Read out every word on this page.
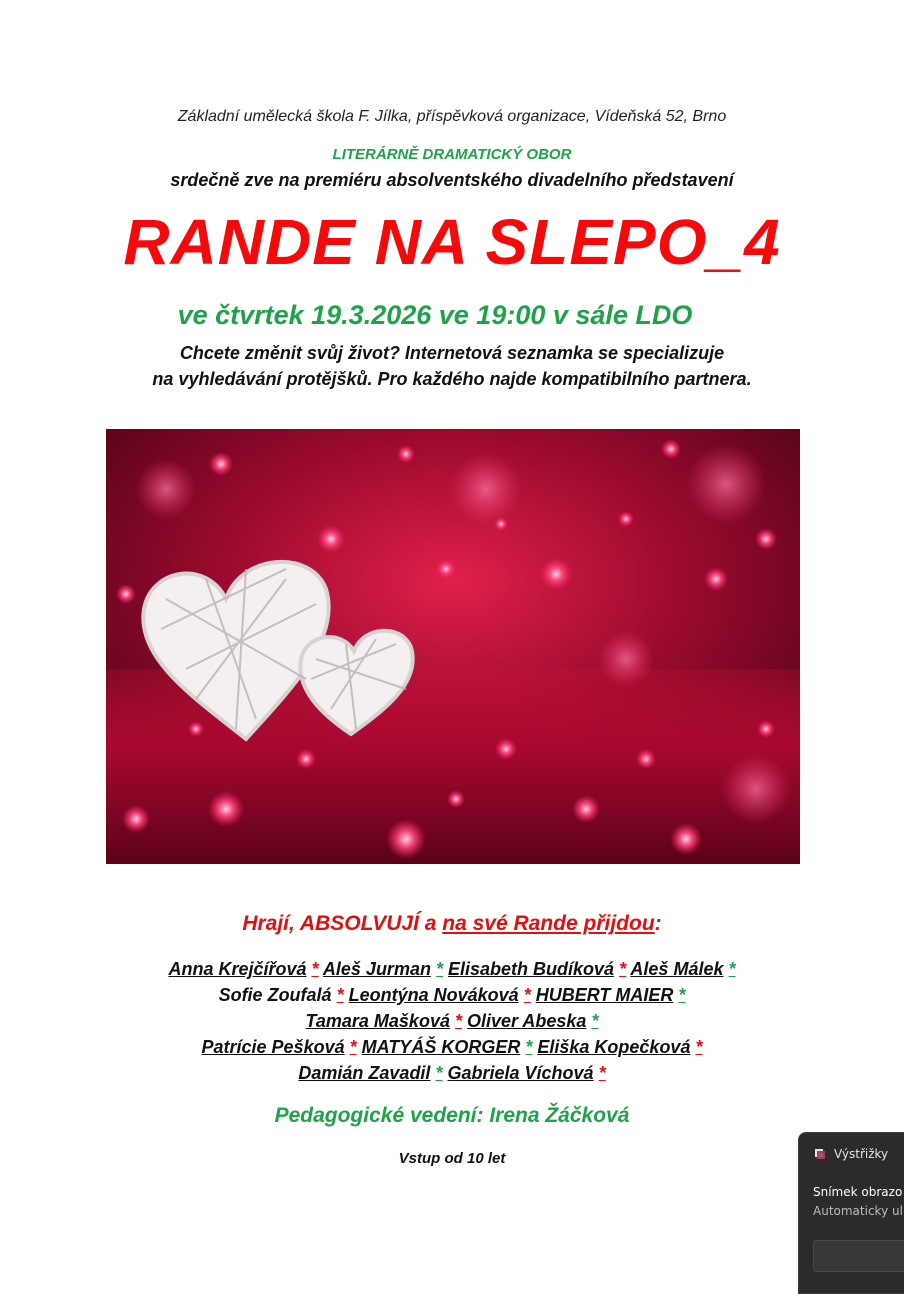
Základní umělecká škola F. Jílka, příspěvková organizace, Vídeňská 52, Brno
LITERÁRNĚ DRAMATICKÝ OBOR
srdečně zve na premiéru absolventského divadelního představení
RANDE NA SLEPO_4
ve čtvrtek 19.3.2026 ve 19:00 v sále LDO
Chcete změnit svůj život? Internetová seznamka se specializuje
na vyhledávání protějšků. Pro každého najde kompatibilního partnera.
Hrají, ABSOLVUJÍ a na své Rande přijdou:
Anna Krejčířová * Aleš Jurman * Elisabeth Budíková * Aleš Málek *
Sofie Zoufalá * Leontýna Nováková * HUBERT MAIER *
Tamara Mašková * Oliver Abeska *
Patrície Pešková * MATYÁŠ KORGER * Eliška Kopečková *
Damián Zavadil * Gabriela Víchová *
Pedagogické vedení: Irena Žáčková
Vstup od 10 let	Výstřižky
Snímek obrazo
Automaticky ul
